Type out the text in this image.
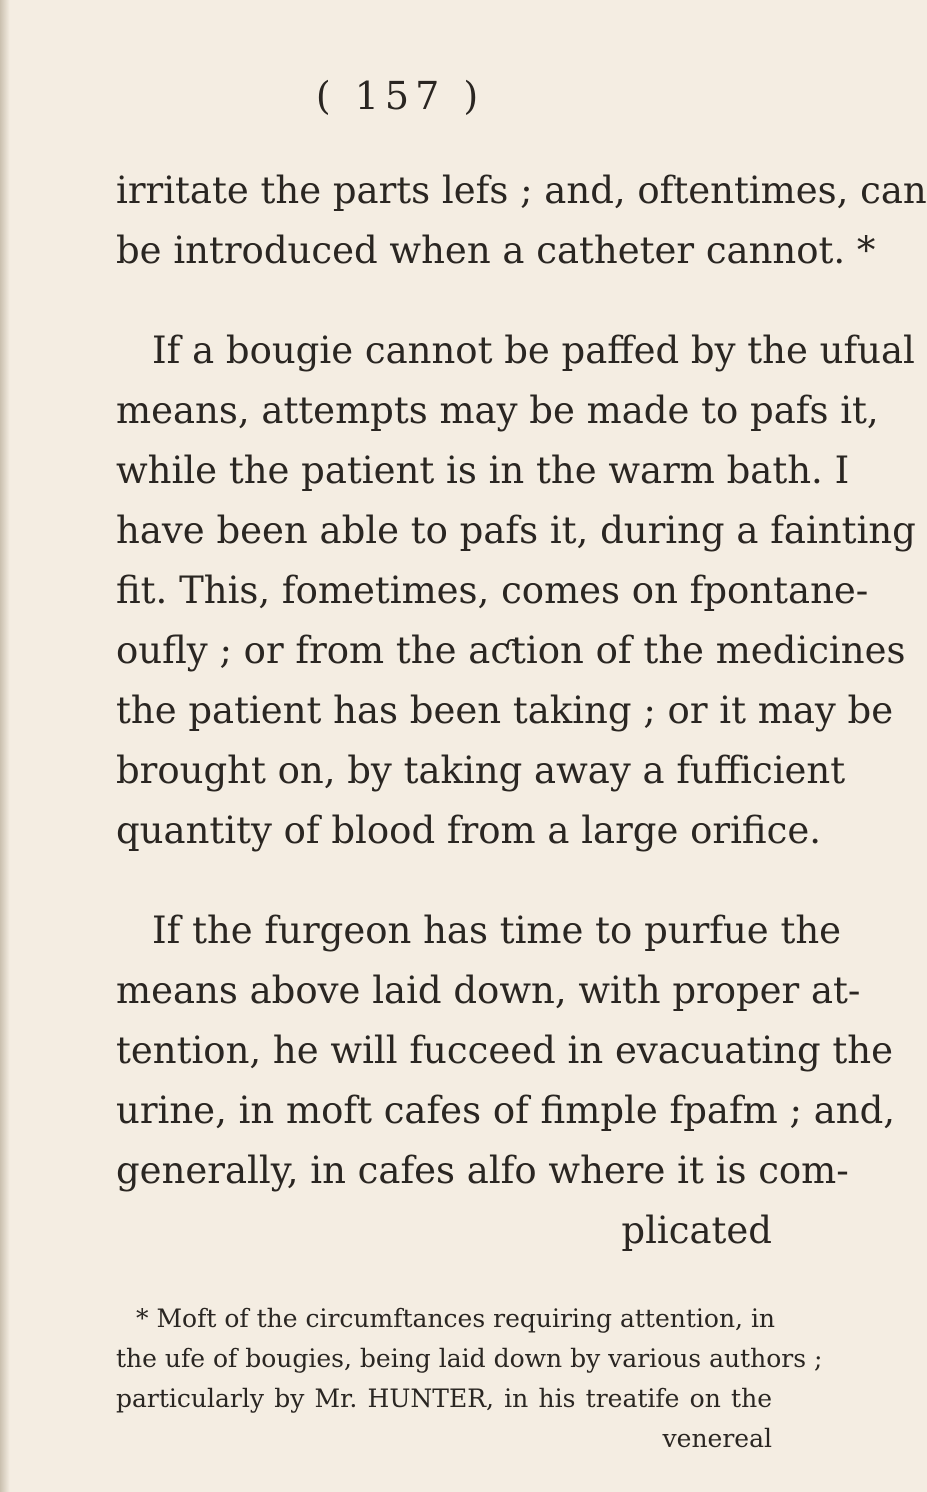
( 157 )
irritate the parts lefs ; and, oftentimes, can
be introduced when a catheter cannot. *
If a bougie cannot be paffed by the ufual
means, attempts may be made to pafs it,
while the patient is in the warm bath. I
have been able to pafs it, during a fainting
fit. This, fometimes, comes on fpontane-
oufly ; or from the aƈtion of the medicines
the patient has been taking ; or it may be
brought on, by taking away a fufficient
quantity of blood from a large orifice.
If the furgeon has time to purfue the
means above laid down, with proper at-
tention, he will fucceed in evacuating the
urine, in moft cafes of fimple fpafm ; and,
generally, in cafes alfo where it is com-
plicated
* Moft of the circumftances requiring attention, in
the ufe of bougies, being laid down by various authors ;
particularly by Mr. HUNTER, in his treatife on the
venereal
